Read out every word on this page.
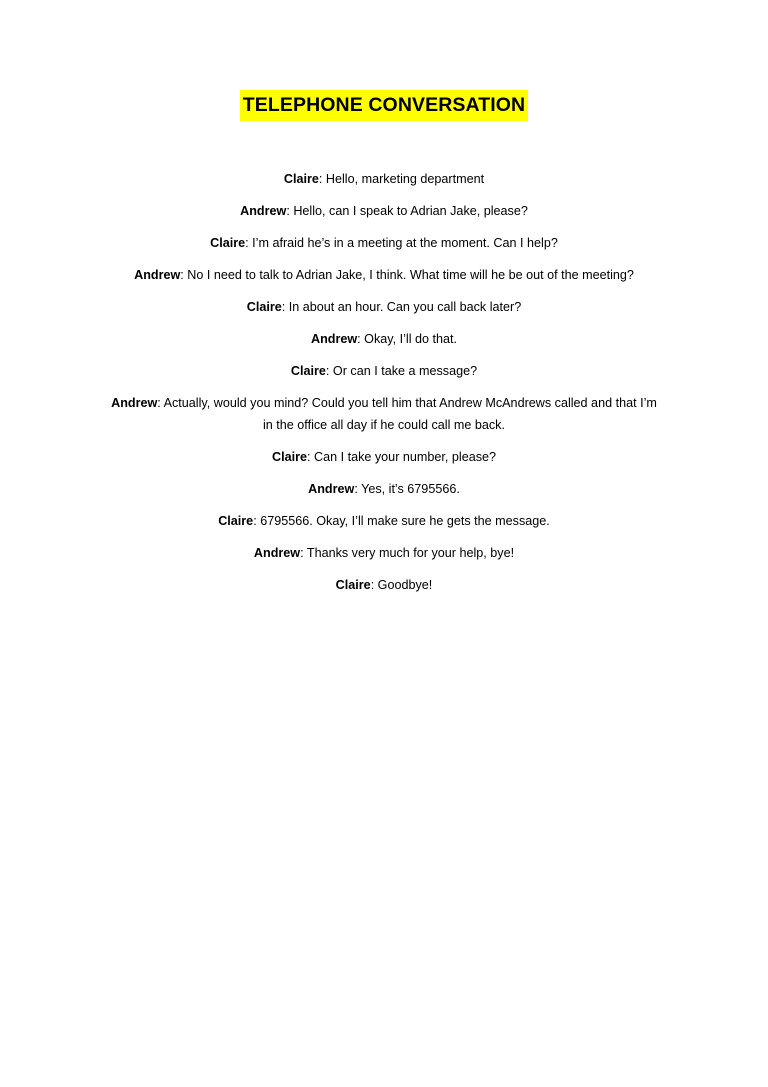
TELEPHONE CONVERSATION

Claire: Hello, marketing department

Andrew: Hello, can I speak to Adrian Jake, please?

Claire: I’m afraid he’s in a meeting at the moment. Can I help?

Andrew: No I need to talk to Adrian Jake, I think. What time will he be out of the meeting?

Claire: In about an hour. Can you call back later?

Andrew: Okay, I’ll do that.

Claire: Or can I take a message?

Andrew: Actually, would you mind? Could you tell him that Andrew McAndrews called and that I’m in the office all day if he could call me back.

Claire: Can I take your number, please?

Andrew: Yes, it’s 6795566.

Claire: 6795566. Okay, I’ll make sure he gets the message.

Andrew: Thanks very much for your help, bye!

Claire: Goodbye!
